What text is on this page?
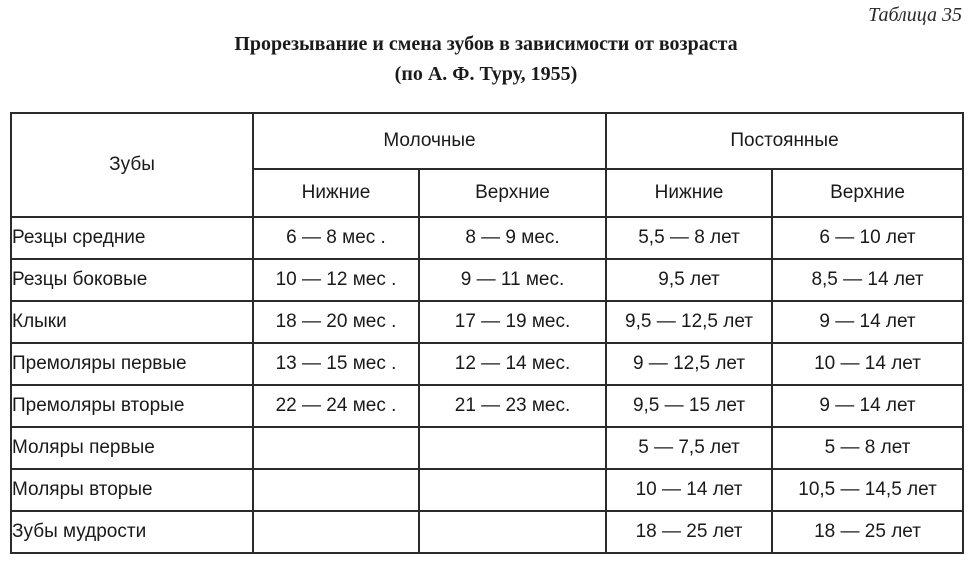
Таблица 35
Прорезывание и смена зубов в зависимости от возраста
(по А. Ф. Туру, 1955)
Зубы	Молочные		Постоянные	
	Нижние	Верхние	Нижние	Верхние
Резцы средние	6 — 8 мес .	8 — 9 мес.	5,5 — 8 лет	6 — 10 лет
Резцы боковые	10 — 12 мес .	9 — 11 мес.	9,5 лет	8,5 — 14 лет
Клыки	18 — 20 мес .	17 — 19 мес.	9,5 — 12,5 лет	9 — 14 лет
Премоляры первые	13 — 15 мес .	12 — 14 мес.	9 — 12,5 лет	10 — 14 лет
Премоляры вторые	22 — 24 мес .	21 — 23 мес.	9,5 — 15 лет	9 — 14 лет
Моляры первые			5 — 7,5 лет	5 — 8 лет
Моляры вторые			10 — 14 лет	10,5 — 14,5 лет
Зубы мудрости			18 — 25 лет	18 — 25 лет
